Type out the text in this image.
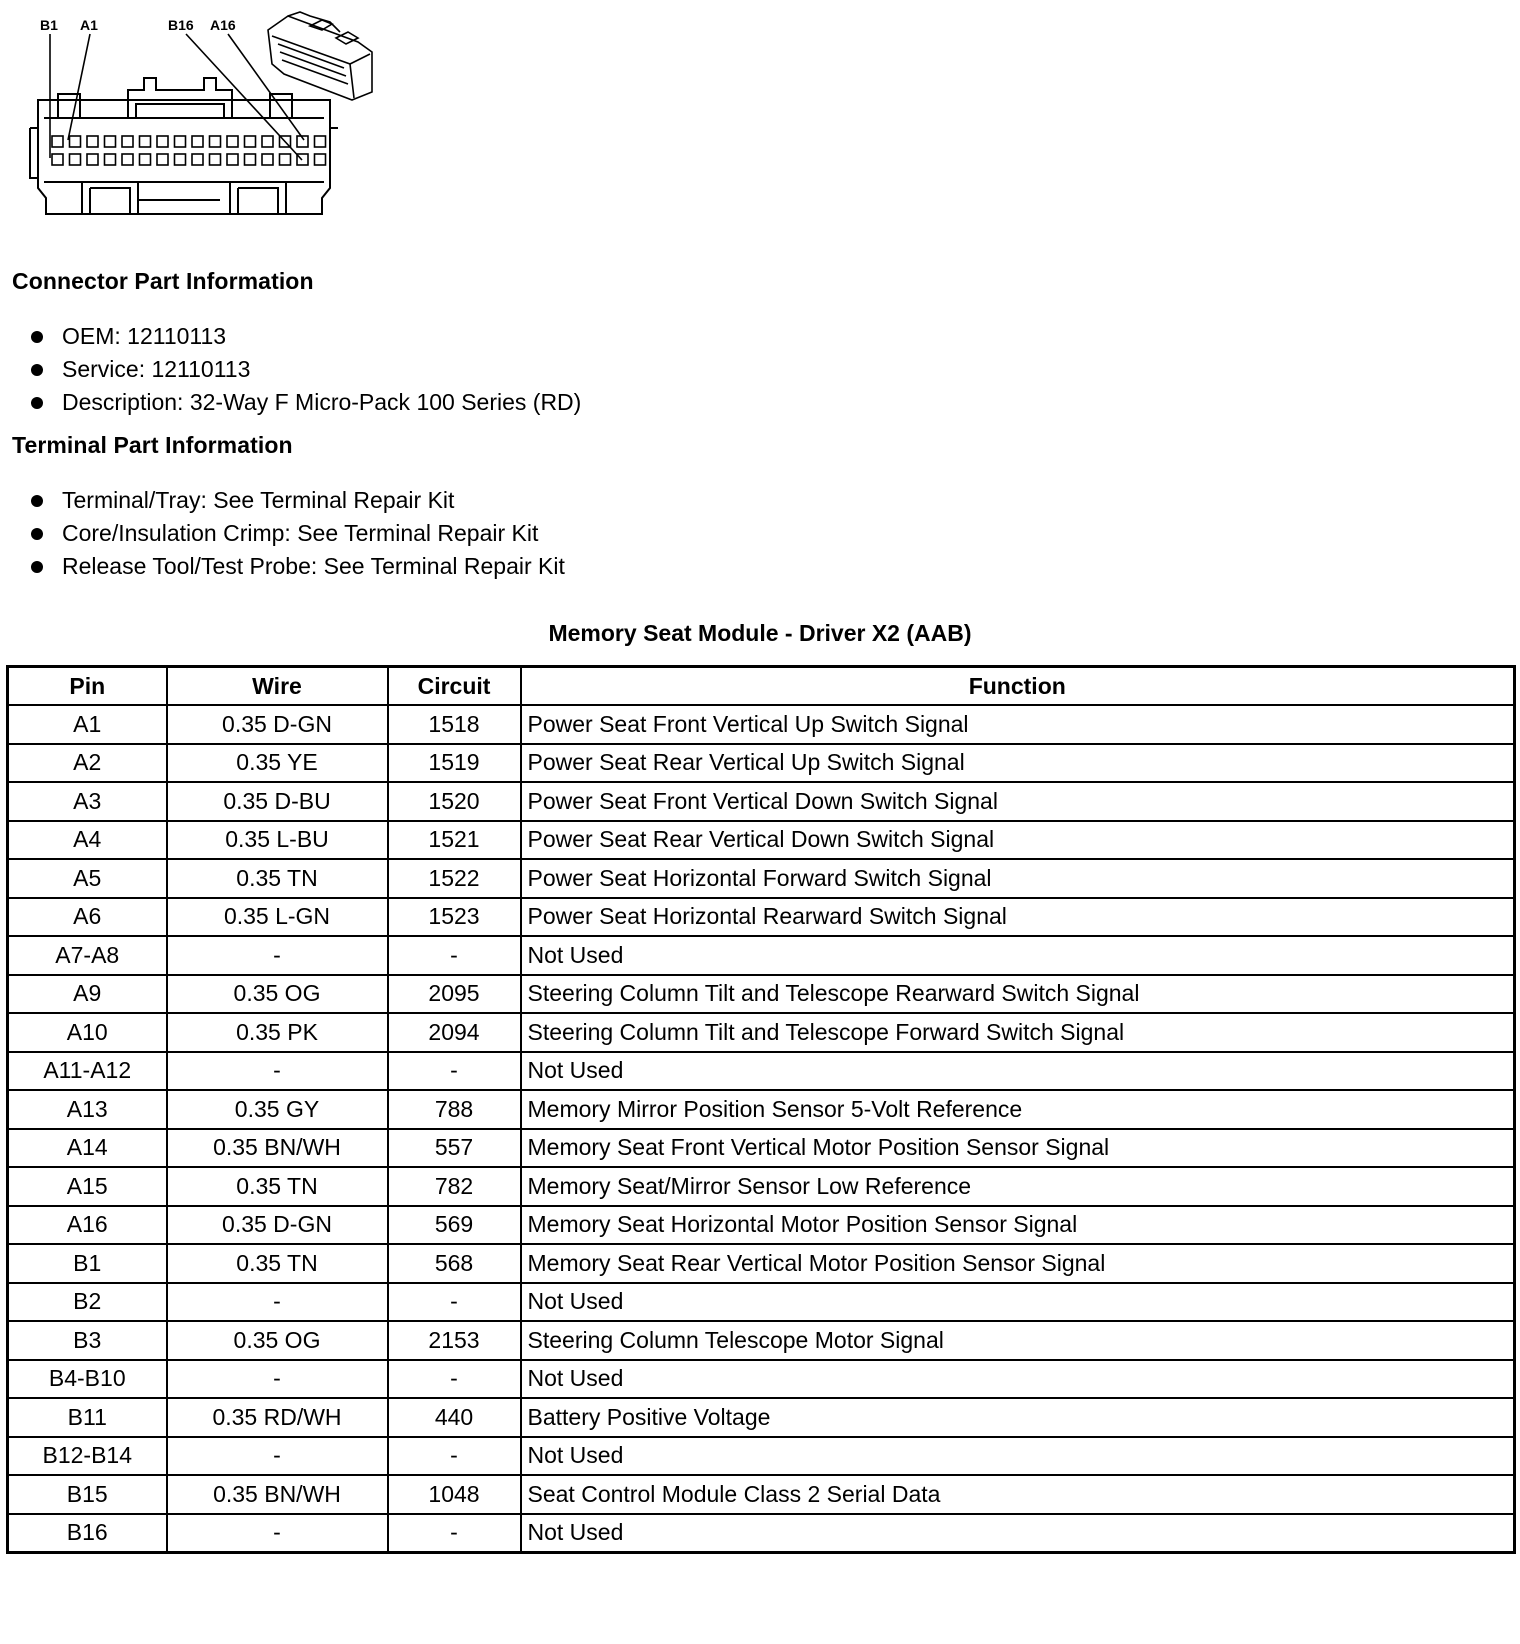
B1 A1	B16 A16
Connector Part Information
OEM: 12110113
Service: 12110113
Description: 32-Way F Micro-Pack 100 Series (RD)
Terminal Part Information
Terminal/Tray: See Terminal Repair Kit
Core/Insulation Crimp: See Terminal Repair Kit
Release Tool/Test Probe: See Terminal Repair Kit
Memory Seat Module - Driver X2 (AAB)
Pin	Wire	Circuit	Function
A1	0.35 D-GN	1518	Power Seat Front Vertical Up Switch Signal
A2	0.35 YE	1519	Power Seat Rear Vertical Up Switch Signal
A3	0.35 D-BU	1520	Power Seat Front Vertical Down Switch Signal
A4	0.35 L-BU	1521	Power Seat Rear Vertical Down Switch Signal
A5	0.35 TN	1522	Power Seat Horizontal Forward Switch Signal
A6	0.35 L-GN	1523	Power Seat Horizontal Rearward Switch Signal
A7-A8	-	-	Not Used
A9	0.35 OG	2095	Steering Column Tilt and Telescope Rearward Switch Signal
A10	0.35 PK	2094	Steering Column Tilt and Telescope Forward Switch Signal
A11-A12	-	-	Not Used
A13	0.35 GY	788	Memory Mirror Position Sensor 5-Volt Reference
A14	0.35 BN/WH	557	Memory Seat Front Vertical Motor Position Sensor Signal
A15	0.35 TN	782	Memory Seat/Mirror Sensor Low Reference
A16	0.35 D-GN	569	Memory Seat Horizontal Motor Position Sensor Signal
B1	0.35 TN	568	Memory Seat Rear Vertical Motor Position Sensor Signal
B2	-	-	Not Used
B3	0.35 OG	2153	Steering Column Telescope Motor Signal
B4-B10	-	-	Not Used
B11	0.35 RD/WH	440	Battery Positive Voltage
B12-B14	-	-	Not Used
B15	0.35 BN/WH	1048	Seat Control Module Class 2 Serial Data
B16	-	-	Not Used
